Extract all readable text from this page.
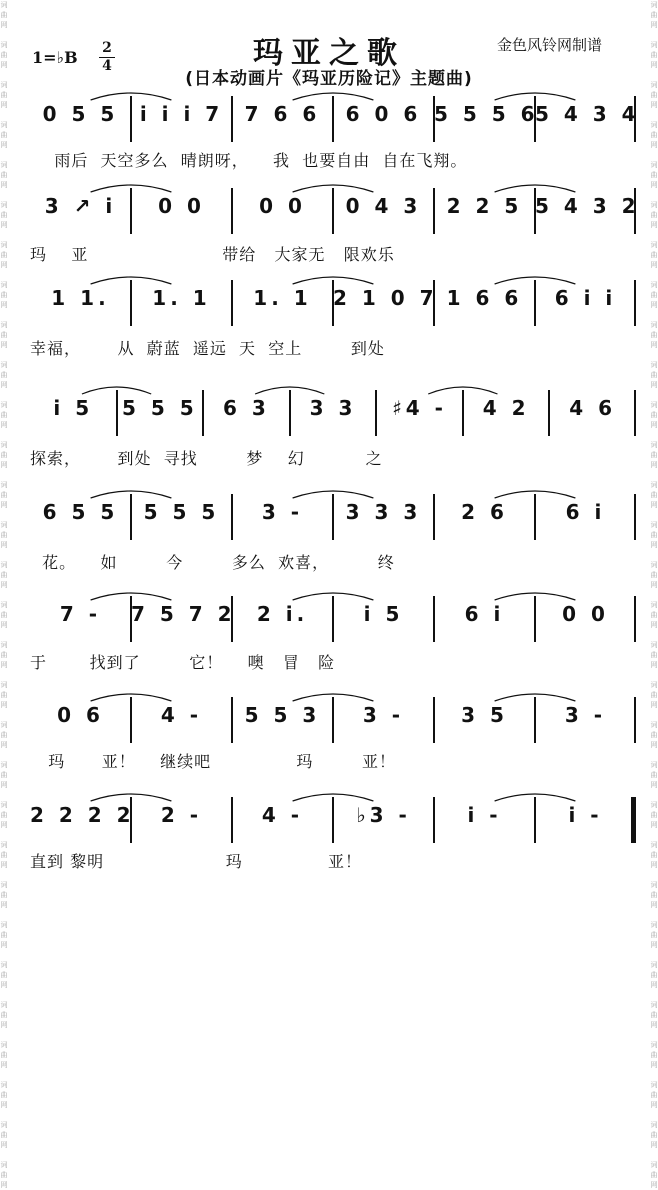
词
曲
网

词
曲
网

词
曲
网

词
曲
网

词
曲
网

词
曲
网

词
曲
网

词
曲
网

词
曲
网

词
曲
网

词
曲
网

词
曲
网

词
曲
网

词
曲
网

词
曲
网

词
曲
网

词
曲
网

词
曲
网

词
曲
网

词
曲
网

词
曲
网

词
曲
网

词
曲
网

词
曲
网

词
曲
网

词
曲
网

词
曲
网

词
曲
网

词
曲
网

词
曲
网

词
曲
网

词
曲
网

词
曲
网

词
曲
网

词
曲
网

词
曲
网

词
曲
网

词
曲
网

词
曲
网

词
曲
网

词
曲
网

词
曲
网

词
曲
网

词
曲
网

词
曲
网

词
曲
网

词
曲
网

词
曲
网

词
曲
网

词
曲
网

词
曲
网

词
曲
网

词
曲
网

词
曲
网

词
曲
网

词
曲
网

词
曲
网

词
曲
网

词
曲
网

词
曲
网

玛亚之歌	金色风铃网制谱
1=♭B 2
4
(日本动画片《玛亚历险记》主题曲)
0 5 5	i i i 7	7 6 6	6 0 6 5 5 5 6
5 4 3 4
雨后  天空多么  晴朗呀，    我  也要自由  自在飞翔。
3 ↗ i	0 0	0 0	0 4 3	2 2 5 5 4 3 2
玛    亚                      带给   大家无   限欢乐
1 1.	1. 1	1. 1	2 1 0 7 1 6 6	6 i i
幸福，      从  蔚蓝  遥远  天  空上        到处
i 5	5 5 5	6 3	3 3	♯4 -	4 2	4 6
探索，      到处  寻找        梦    幻          之
6 5 5	5 5 5	3 -	3 3 3	2 6	6 i
花。    如        今        多么  欢喜，        终
7 -	7 5 7 2	2 i.	i 5	6 i	0 0
于       找到了        它！    噢   冒   险
0 6	4 -	5 5 3	3 -	3 5	3 -
玛      亚！    继续吧              玛        亚！
2 2 2 2	2 -	4 -	♭3 -	i -	i -
直到 黎明                    玛              亚！
